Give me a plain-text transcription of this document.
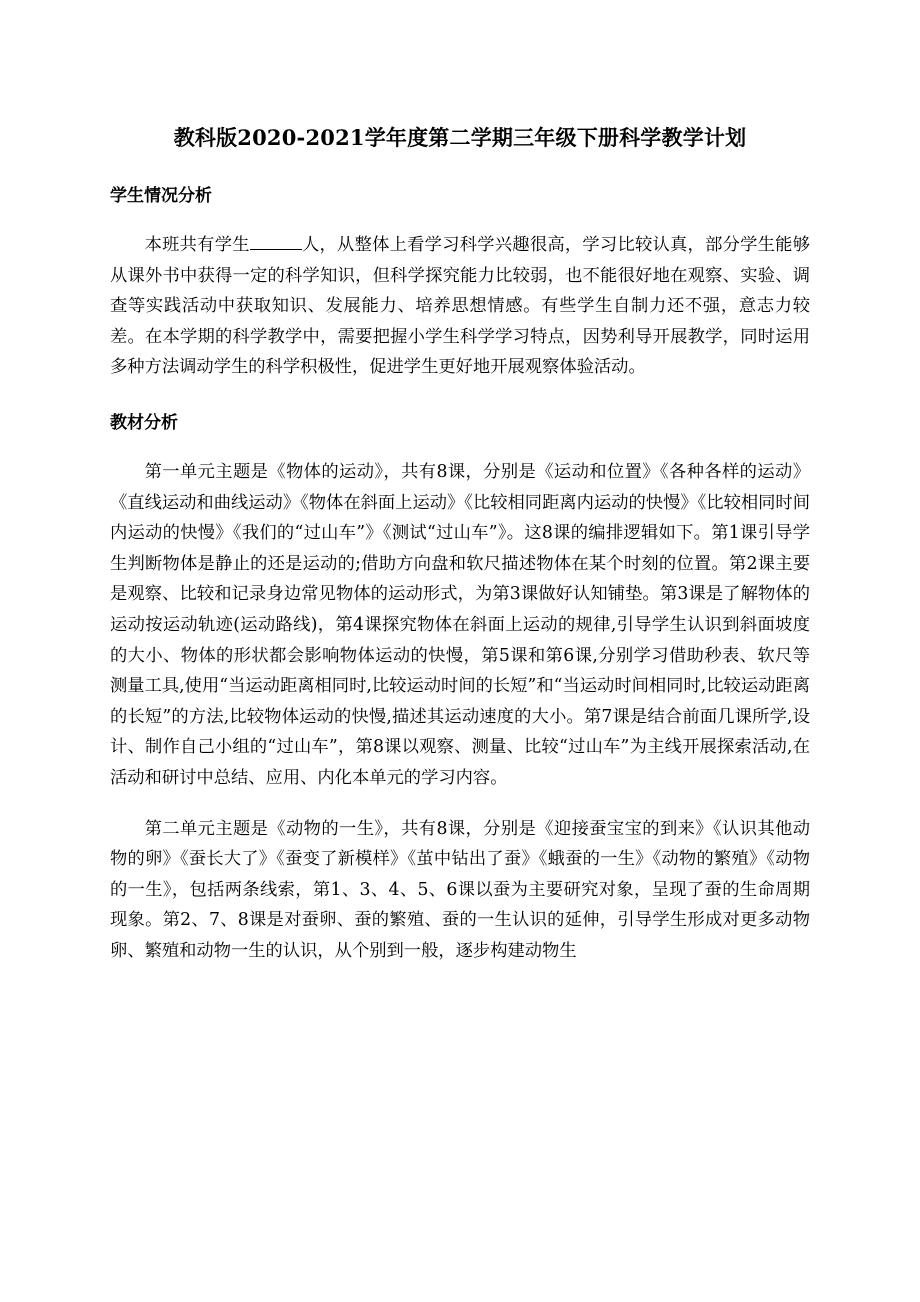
教科版2020-2021学年度第二学期三年级下册科学教学计划
学生情况分析

本班共有学生	人，从整体上看学习科学兴趣很高，学习比较认真，部分学生能够从课外书中获得一定的科学知识，但科学探究能力比较弱，也不能很好地在观察、实验、调查等实践活动中获取知识、发展能力、培养思想情感。有些学生自制力还不强，意志力较差。在本学期的科学教学中，需要把握小学生科学学习特点，因势利导开展教学，同时运用多种方法调动学生的科学积极性，促进学生更好地开展观察体验活动。

教材分析

第一单元主题是《物体的运动》，共有8课，分别是《运动和位置》《各种各样的运动》《直线运动和曲线运动》《物体在斜面上运动》《比较相同距离内运动的快慢》《比较相同时间内运动的快慢》《我们的“过山车”》《测试“过山车”》。这8课的编排逻辑如下。第1课引导学生判断物体是静止的还是运动的;借助方向盘和软尺描述物体在某个时刻的位置。第2课主要是观察、比较和记录身边常见物体的运动形式，为第3课做好认知铺垫。第3课是了解物体的运动按运动轨迹(运动路线)，第4课探究物体在斜面上运动的规律,引导学生认识到斜面坡度的大小、物体的形状都会影响物体运动的快慢，第5课和第6课,分别学习借助秒表、软尺等测量工具,使用“当运动距离相同时,比较运动时间的长短”和“当运动时间相同时,比较运动距离的长短”的方法,比较物体运动的快慢,描述其运动速度的大小。第7课是结合前面几课所学,设计、制作自己小组的“过山车”，第8课以观察、测量、比较“过山车”为主线开展探索活动,在活动和研讨中总结、应用、内化本单元的学习内容。

第二单元主题是《动物的一生》，共有8课，分别是《迎接蚕宝宝的到来》《认识其他动物的卵》《蚕长大了》《蚕变了新模样》《茧中钻出了蚕》《蛾蚕的一生》《动物的繁殖》《动物的一生》，包括两条线索，第1、3、4、5、6课以蚕为主要研究对象，呈现了蚕的生命周期现象。第2、7、8课是对蚕卵、蚕的繁殖、蚕的一生认识的延伸，引导学生形成对更多动物卵、繁殖和动物一生的认识，从个别到一般，逐步构建动物生
